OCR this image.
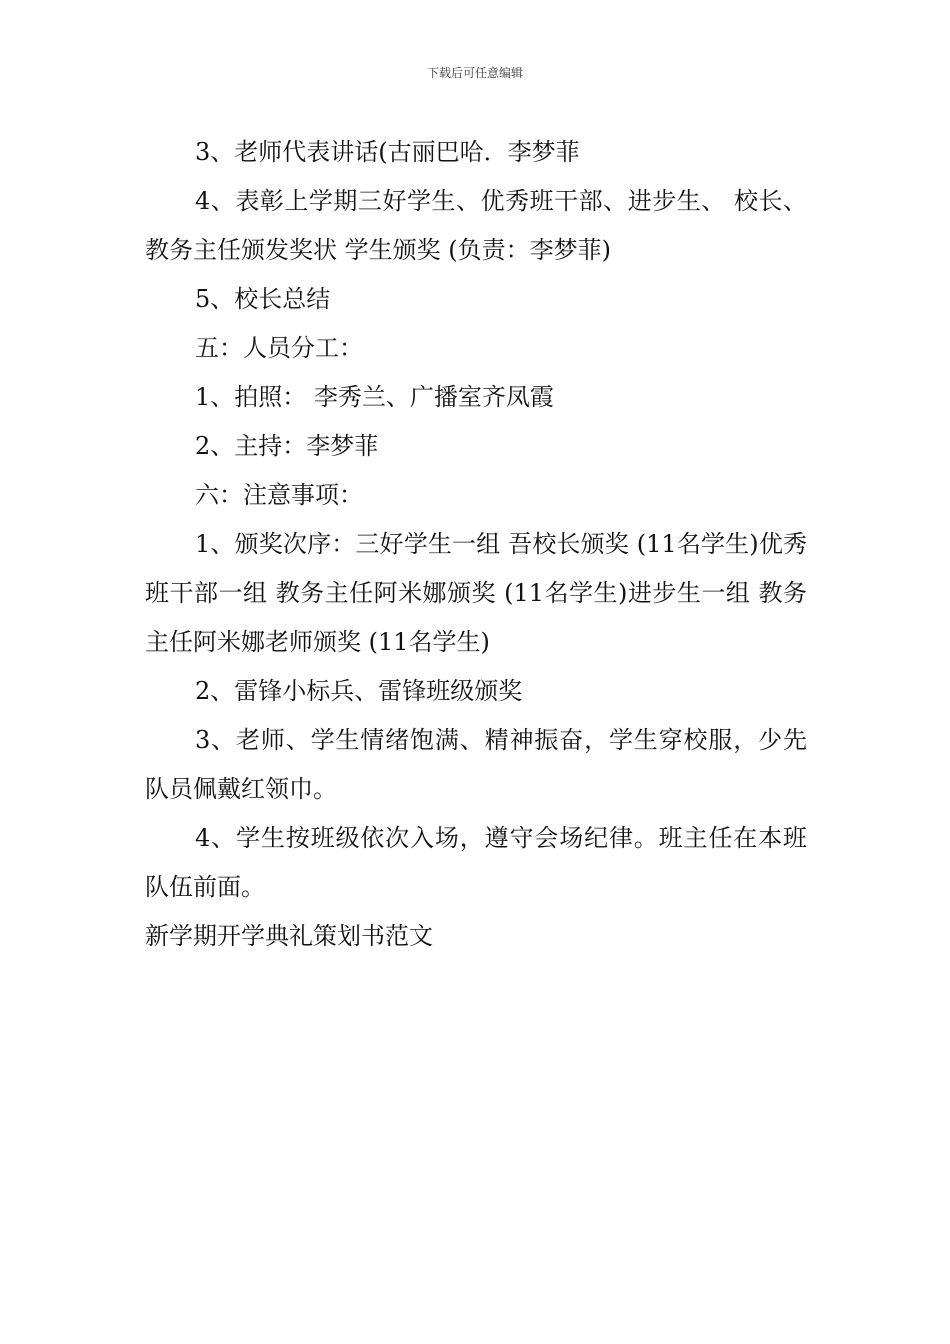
下载后可任意编辑

3、老师代表讲话(古丽巴哈．李梦菲

4、表彰上学期三好学生、优秀班干部、进步生、 校长、教务主任颁发奖状 学生颁奖 (负责：李梦菲)

5、校长总结

五：人员分工：

1、拍照： 李秀兰、广播室齐凤霞

2、主持：李梦菲

六：注意事项：

1、颁奖次序：三好学生一组 吾校长颁奖 (11名学生)优秀班干部一组 教务主任阿米娜颁奖 (11名学生)进步生一组 教务主任阿米娜老师颁奖 (11名学生)

2、雷锋小标兵、雷锋班级颁奖

3、老师、学生情绪饱满、精神振奋，学生穿校服，少先队员佩戴红领巾。

4、学生按班级依次入场，遵守会场纪律。班主任在本班队伍前面。

新学期开学典礼策划书范文
